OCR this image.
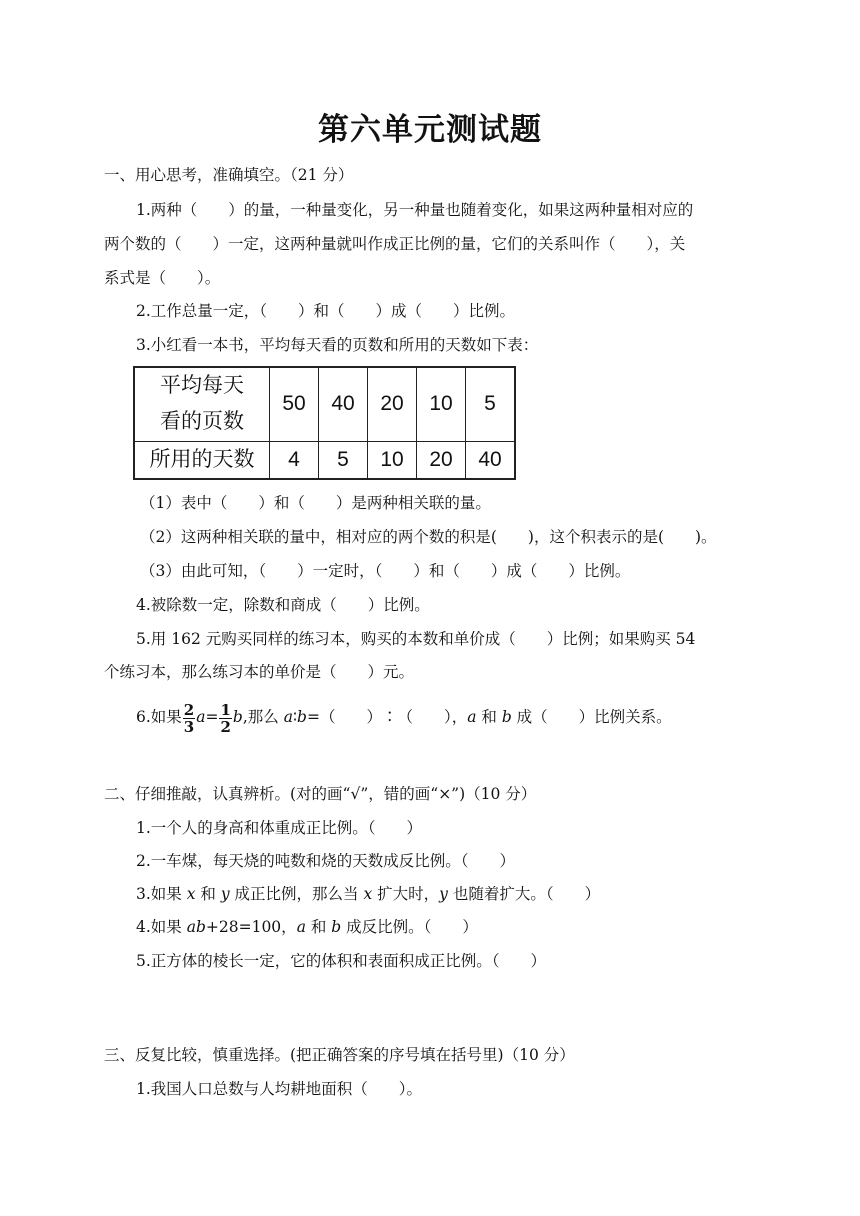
第六单元测试题
一、用心思考，准确填空。（21 分）
1.两种（　　）的量，一种量变化，另一种量也随着变化，如果这两种量相对应的
两个数的（　　）一定，这两种量就叫作成正比例的量，它们的关系叫作（　　），关
系式是（　　）。
2.工作总量一定，（　　）和（　　）成（　　）比例。
3.小红看一本书，平均每天看的页数和所用的天数如下表：
平均每天
看的页数	50	40	20	10	5
所用的天数	4	5	10	20	40
（1）表中（　　）和（　　）是两种相关联的量。
（2）这两种相关联的量中，相对应的两个数的积是(　　)，这个积表示的是(　　)。
（3）由此可知，（　　）一定时，（　　）和（　　）成（　　）比例。
4.被除数一定，除数和商成（　　）比例。
5.用 162 元购买同样的练习本，购买的本数和单价成（　　）比例；如果购买 54
个练习本，那么练习本的单价是（　　）元。
6.如果 $\frac{2}{3} a= \frac{1}{2} b$,那么 a∶b=（　　）∶（　　），a 和 b 成（　　）比例关系。
二、仔细推敲，认真辨析。(对的画“√”，错的画“×”)（10 分）
1.一个人的身高和体重成正比例。（　　）
2.一车煤，每天烧的吨数和烧的天数成反比例。（　　）
3.如果 x 和 y 成正比例，那么当 x 扩大时，y 也随着扩大。（　　）
4.如果 ab+28=100，a 和 b 成反比例。（　　）
5.正方体的棱长一定，它的体积和表面积成正比例。（　　）
三、反复比较，慎重选择。(把正确答案的序号填在括号里)（10 分）
1.我国人口总数与人均耕地面积（　　）。
